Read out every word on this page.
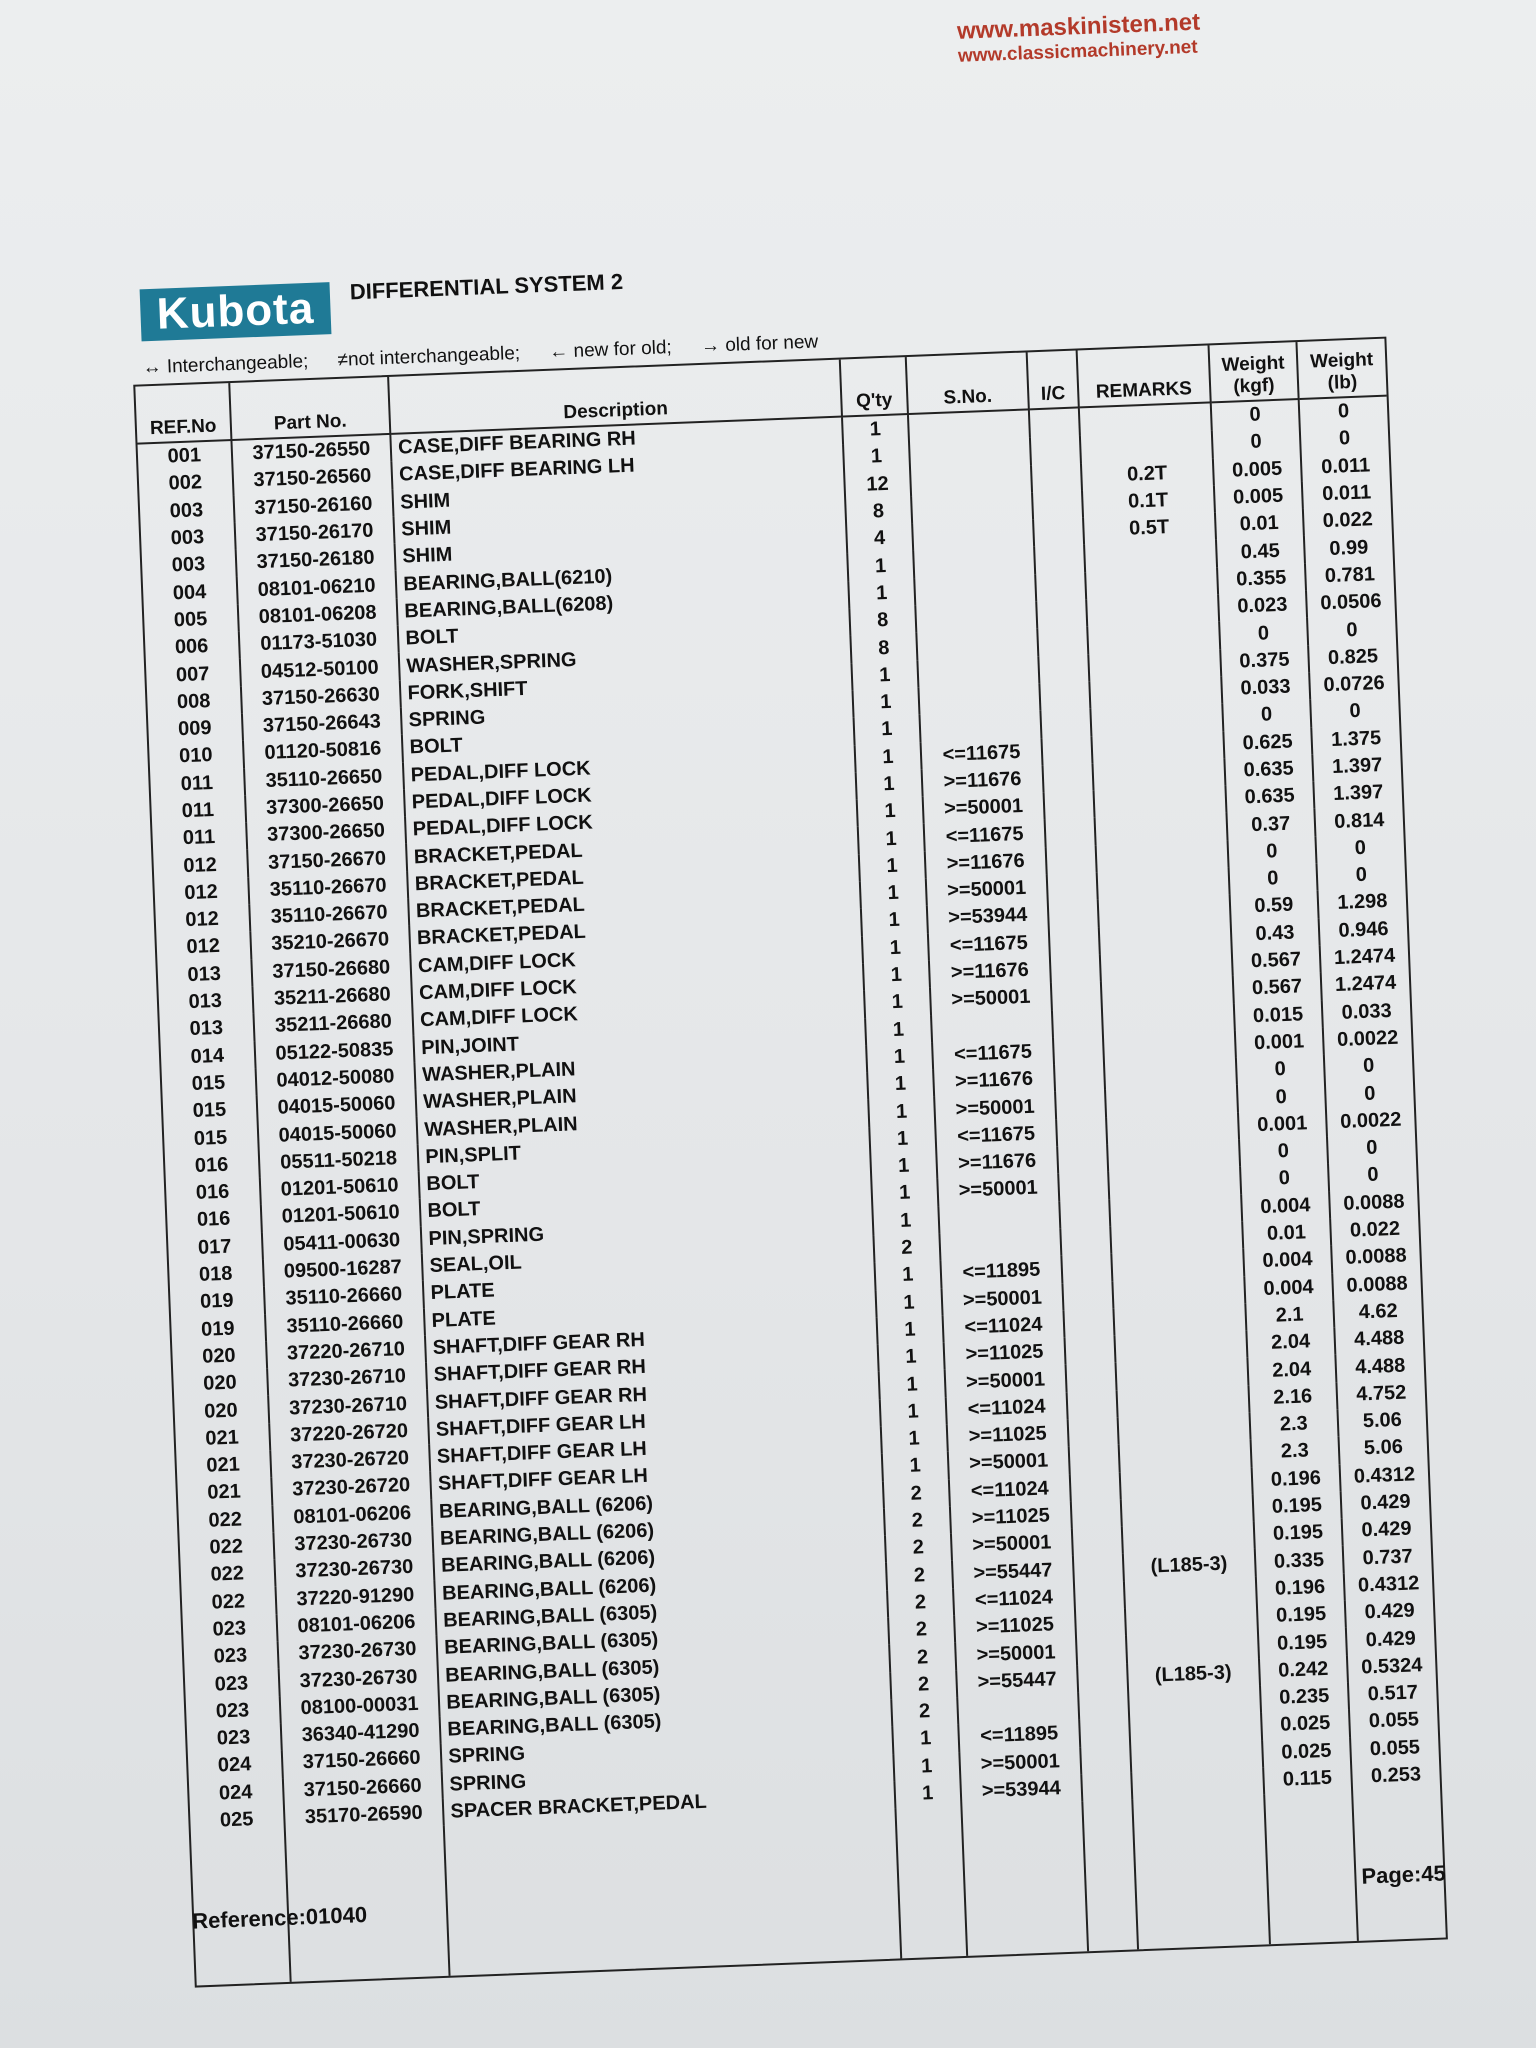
www.maskinisten.net
www.classicmachinery.net
Kubota	DIFFERENTIAL SYSTEM 2
↔ Interchangeable; ≠not interchangeable; ← new for old; → old for new
REF.No	Part No.	Description	Q'ty	S.No.	I/C	REMARKS	Weight (kgf)	Weight (lb)
001	37150-26550	CASE,DIFF BEARING RH	1				0	0
002	37150-26560	CASE,DIFF BEARING LH	1				0	0
003	37150-26160	SHIM	12			0.2T	0.005	0.011
003	37150-26170	SHIM	8			0.1T	0.005	0.011
003	37150-26180	SHIM	4			0.5T	0.01	0.022
004	08101-06210	BEARING,BALL(6210)	1				0.45	0.99
005	08101-06208	BEARING,BALL(6208)	1				0.355	0.781
006	01173-51030	BOLT	8				0.023	0.0506
007	04512-50100	WASHER,SPRING	8				0	0
008	37150-26630	FORK,SHIFT	1				0.375	0.825
009	37150-26643	SPRING	1				0.033	0.0726
010	01120-50816	BOLT	1				0	0
011	35110-26650	PEDAL,DIFF LOCK	1	<=11675			0.625	1.375
011	37300-26650	PEDAL,DIFF LOCK	1	>=11676			0.635	1.397
011	37300-26650	PEDAL,DIFF LOCK	1	>=50001			0.635	1.397
012	37150-26670	BRACKET,PEDAL	1	<=11675			0.37	0.814
012	35110-26670	BRACKET,PEDAL	1	>=11676			0	0
012	35110-26670	BRACKET,PEDAL	1	>=50001			0	0
012	35210-26670	BRACKET,PEDAL	1	>=53944			0.59	1.298
013	37150-26680	CAM,DIFF LOCK	1	<=11675			0.43	0.946
013	35211-26680	CAM,DIFF LOCK	1	>=11676			0.567	1.2474
013	35211-26680	CAM,DIFF LOCK	1	>=50001			0.567	1.2474
014	05122-50835	PIN,JOINT	1				0.015	0.033
015	04012-50080	WASHER,PLAIN	1	<=11675			0.001	0.0022
015	04015-50060	WASHER,PLAIN	1	>=11676			0	0
015	04015-50060	WASHER,PLAIN	1	>=50001			0	0
016	05511-50218	PIN,SPLIT	1	<=11675			0.001	0.0022
016	01201-50610	BOLT	1	>=11676			0	0
016	01201-50610	BOLT	1	>=50001			0	0
017	05411-00630	PIN,SPRING	1				0.004	0.0088
018	09500-16287	SEAL,OIL	2				0.01	0.022
019	35110-26660	PLATE	1	<=11895			0.004	0.0088
019	35110-26660	PLATE	1	>=50001			0.004	0.0088
020	37220-26710	SHAFT,DIFF GEAR RH	1	<=11024			2.1	4.62
020	37230-26710	SHAFT,DIFF GEAR RH	1	>=11025			2.04	4.488
020	37230-26710	SHAFT,DIFF GEAR RH	1	>=50001			2.04	4.488
021	37220-26720	SHAFT,DIFF GEAR LH	1	<=11024			2.16	4.752
021	37230-26720	SHAFT,DIFF GEAR LH	1	>=11025			2.3	5.06
021	37230-26720	SHAFT,DIFF GEAR LH	1	>=50001			2.3	5.06
022	08101-06206	BEARING,BALL (6206)	2	<=11024			0.196	0.4312
022	37230-26730	BEARING,BALL (6206)	2	>=11025			0.195	0.429
022	37230-26730	BEARING,BALL (6206)	2	>=50001			0.195	0.429
022	37220-91290	BEARING,BALL (6206)	2	>=55447		(L185-3)	0.335	0.737
023	08101-06206	BEARING,BALL (6305)	2	<=11024			0.196	0.4312
023	37230-26730	BEARING,BALL (6305)	2	>=11025			0.195	0.429
023	37230-26730	BEARING,BALL (6305)	2	>=50001			0.195	0.429
023	08100-00031	BEARING,BALL (6305)	2	>=55447		(L185-3)	0.242	0.5324
023	36340-41290	BEARING,BALL (6305)	2				0.235	0.517
024	37150-26660	SPRING	1	<=11895			0.025	0.055
024	37150-26660	SPRING	1	>=50001			0.025	0.055
025	35170-26590	SPACER BRACKET,PEDAL	1	>=53944			0.115	0.253

Reference:01040
Page:45
